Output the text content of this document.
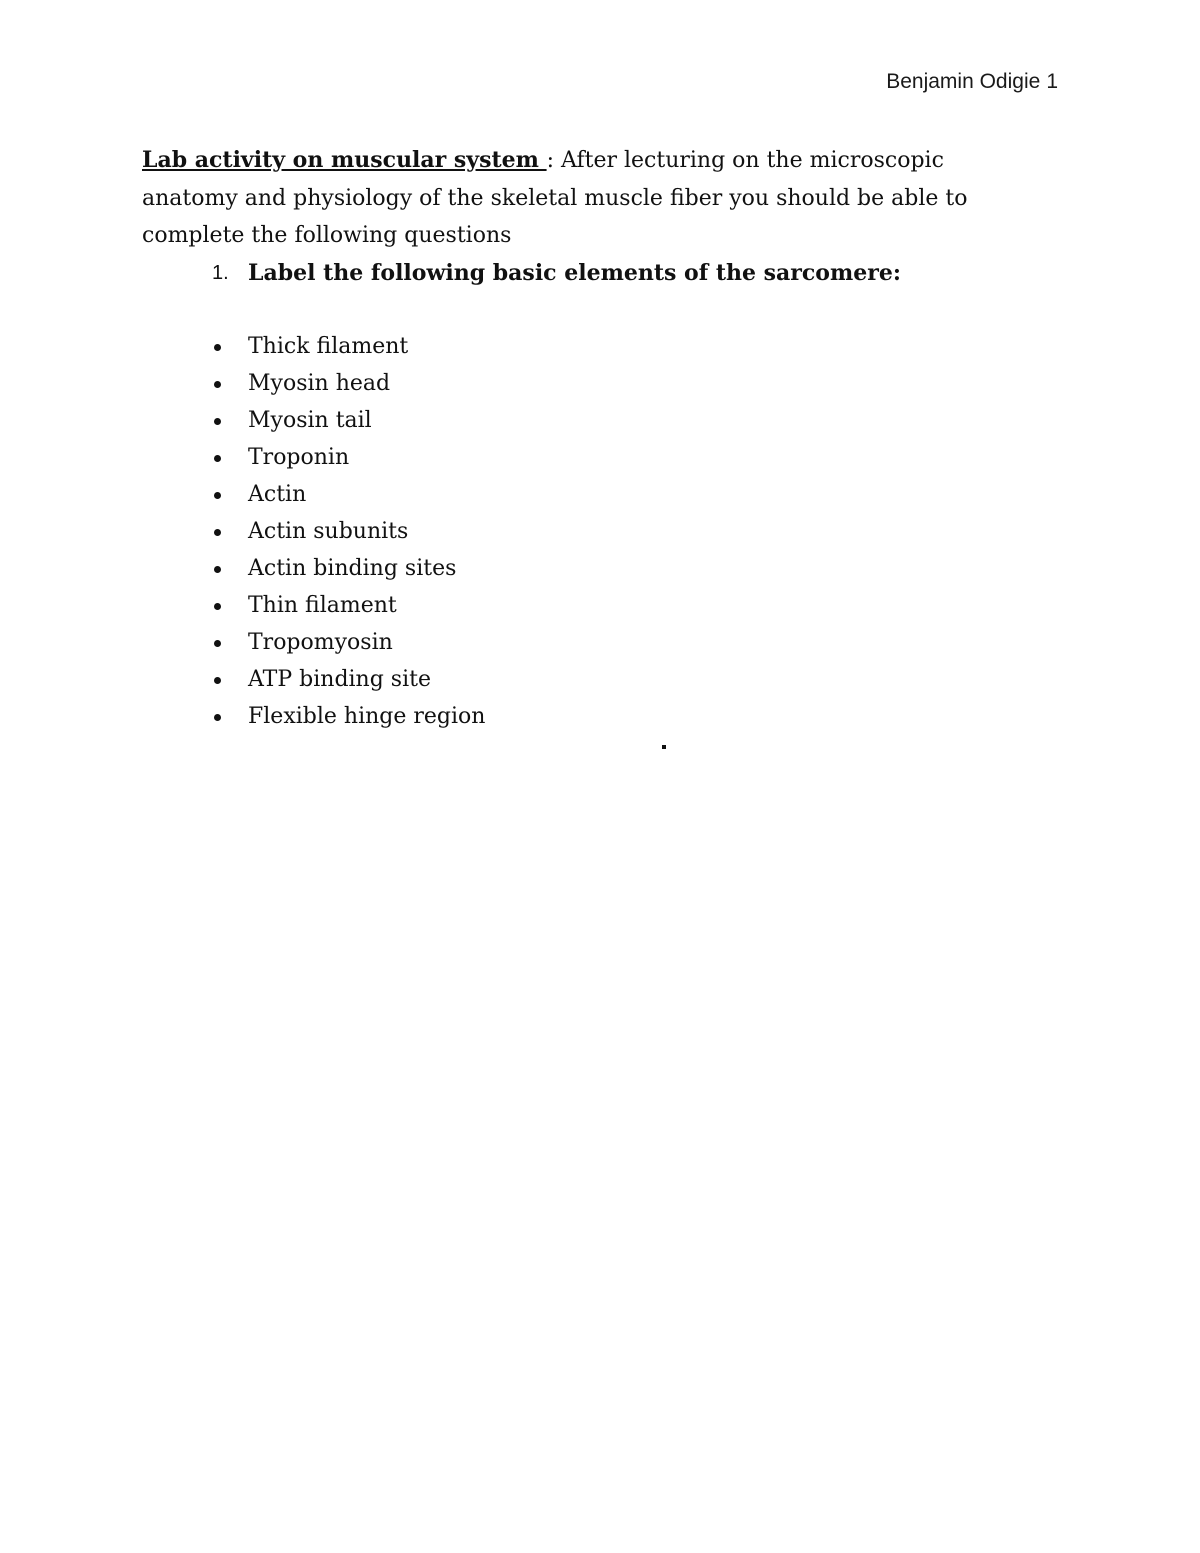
Benjamin Odigie 1

Lab activity on muscular system : After lecturing on the microscopic anatomy and physiology of the skeletal muscle fiber you should be able to complete the following questions

1. Label the following basic elements of the sarcomere:

Thick filament
Myosin head
Myosin tail
Troponin
Actin
Actin subunits
Actin binding sites
Thin filament
Tropomyosin
ATP binding site
Flexible hinge region
